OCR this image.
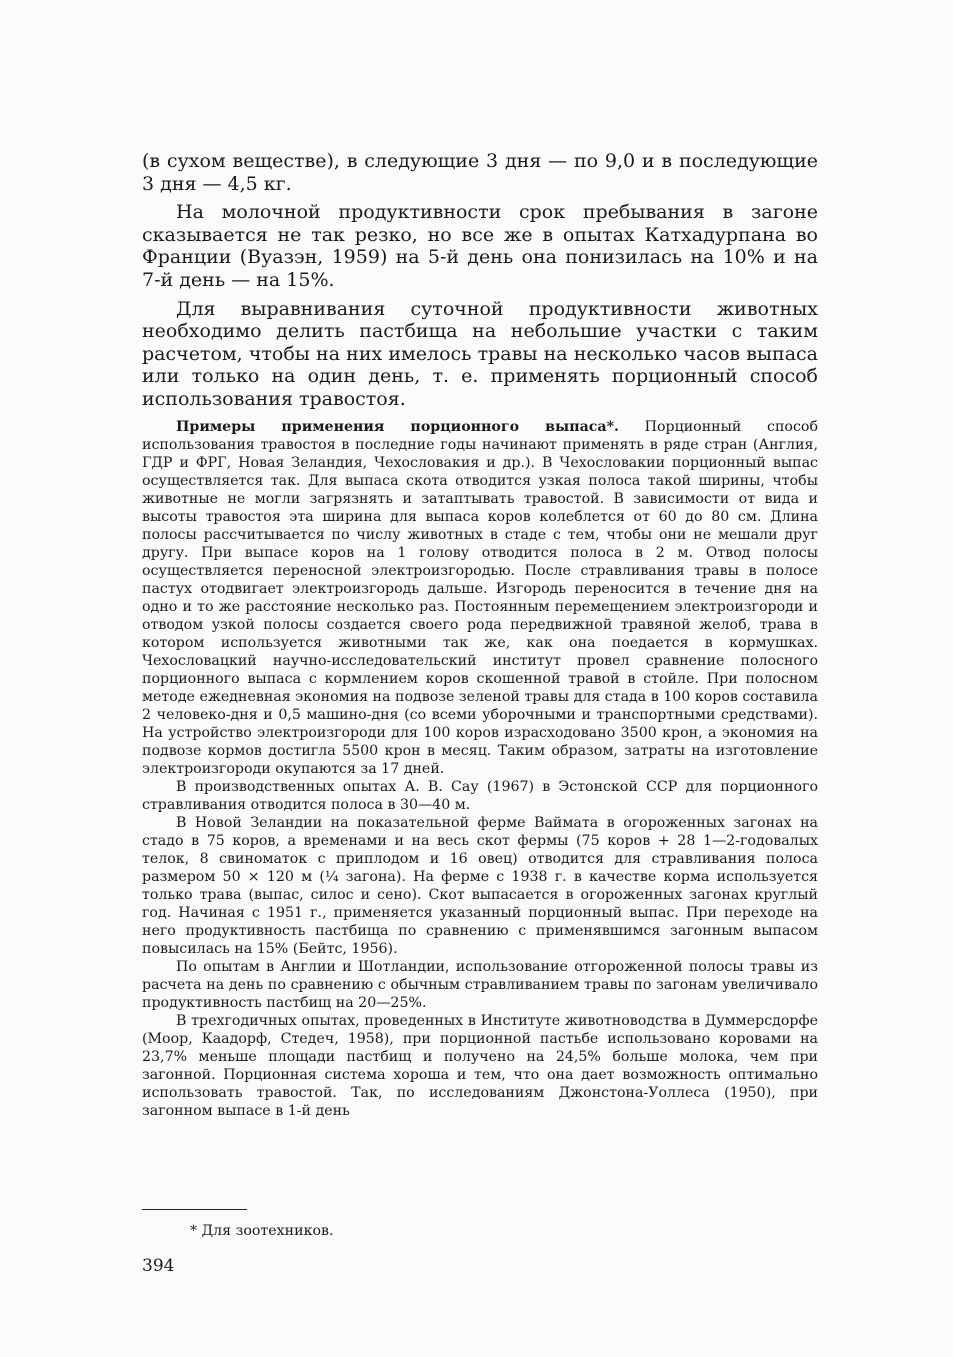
(в сухом веществе), в следующие 3 дня — по 9,0 и в последующие 3 дня — 4,5 кг.

На молочной продуктивности срок пребывания в загоне сказывается не так резко, но все же в опытах Катхадурпана во Франции (Вуазэн, 1959) на 5-й день она понизилась на 10% и на 7-й день — на 15%.

Для выравнивания суточной продуктивности животных необходимо делить пастбища на небольшие участки с таким расчетом, чтобы на них имелось травы на несколько часов выпаса или только на один день, т. е. применять порционный способ использования травостоя.

Примеры применения порционного выпаса*. Порционный способ использования травостоя в последние годы начинают применять в ряде стран (Англия, ГДР и ФРГ, Новая Зеландия, Чехословакия и др.). В Чехословакии порционный выпас осуществляется так. Для выпаса скота отводится узкая полоса такой ширины, чтобы животные не могли загрязнять и затаптывать травостой. В зависимости от вида и высоты травостоя эта ширина для выпаса коров колеблется от 60 до 80 см. Длина полосы рассчитывается по числу животных в стаде с тем, чтобы они не мешали друг другу. При выпасе коров на 1 голову отводится полоса в 2 м. Отвод полосы осуществляется переносной электроизгородью. После стравливания травы в полосе пастух отодвигает электроизгородь дальше. Изгородь переносится в течение дня на одно и то же расстояние несколько раз. Постоянным перемещением электроизгороди и отводом узкой полосы создается своего рода передвижной травяной желоб, трава в котором используется животными так же, как она поедается в кормушках. Чехословацкий научно-исследовательский институт провел сравнение полосного порционного выпаса с кормлением коров скошенной травой в стойле. При полосном методе ежедневная экономия на подвозе зеленой травы для стада в 100 коров составила 2 человеко-дня и 0,5 машино-дня (со всеми уборочными и транспортными средствами). На устройство электроизгороди для 100 коров израсходовано 3500 крон, а экономия на подвозе кормов достигла 5500 крон в месяц. Таким образом, затраты на изготовление электроизгороди окупаются за 17 дней.

В производственных опытах А. В. Сау (1967) в Эстонской ССР для порционного стравливания отводится полоса в 30—40 м.

В Новой Зеландии на показательной ферме Ваймата в огороженных загонах на стадо в 75 коров, а временами и на весь скот фермы (75 коров + 28 1—2-годовалых телок, 8 свиноматок с приплодом и 16 овец) отводится для стравливания полоса размером 50 × 120 м (¼ загона). На ферме с 1938 г. в качестве корма используется только трава (выпас, силос и сено). Скот выпасается в огороженных загонах круглый год. Начиная с 1951 г., применяется указанный порционный выпас. При переходе на него продуктивность пастбища по сравнению с применявшимся загонным выпасом повысилась на 15% (Бейтс, 1956).

По опытам в Англии и Шотландии, использование отгороженной полосы травы из расчета на день по сравнению с обычным стравливанием травы по загонам увеличивало продуктивность пастбищ на 20—25%.

В трехгодичных опытах, проведенных в Институте животноводства в Думмерсдорфе (Моор, Каадорф, Стедеч, 1958), при порционной пастьбе использовано коровами на 23,7% меньше площади пастбищ и получено на 24,5% больше молока, чем при загонной. Порционная система хороша и тем, что она дает возможность оптимально использовать травостой. Так, по исследованиям Джонстона-Уоллеса (1950), при загонном выпасе в 1-й день

* Для зоотехников.
394
